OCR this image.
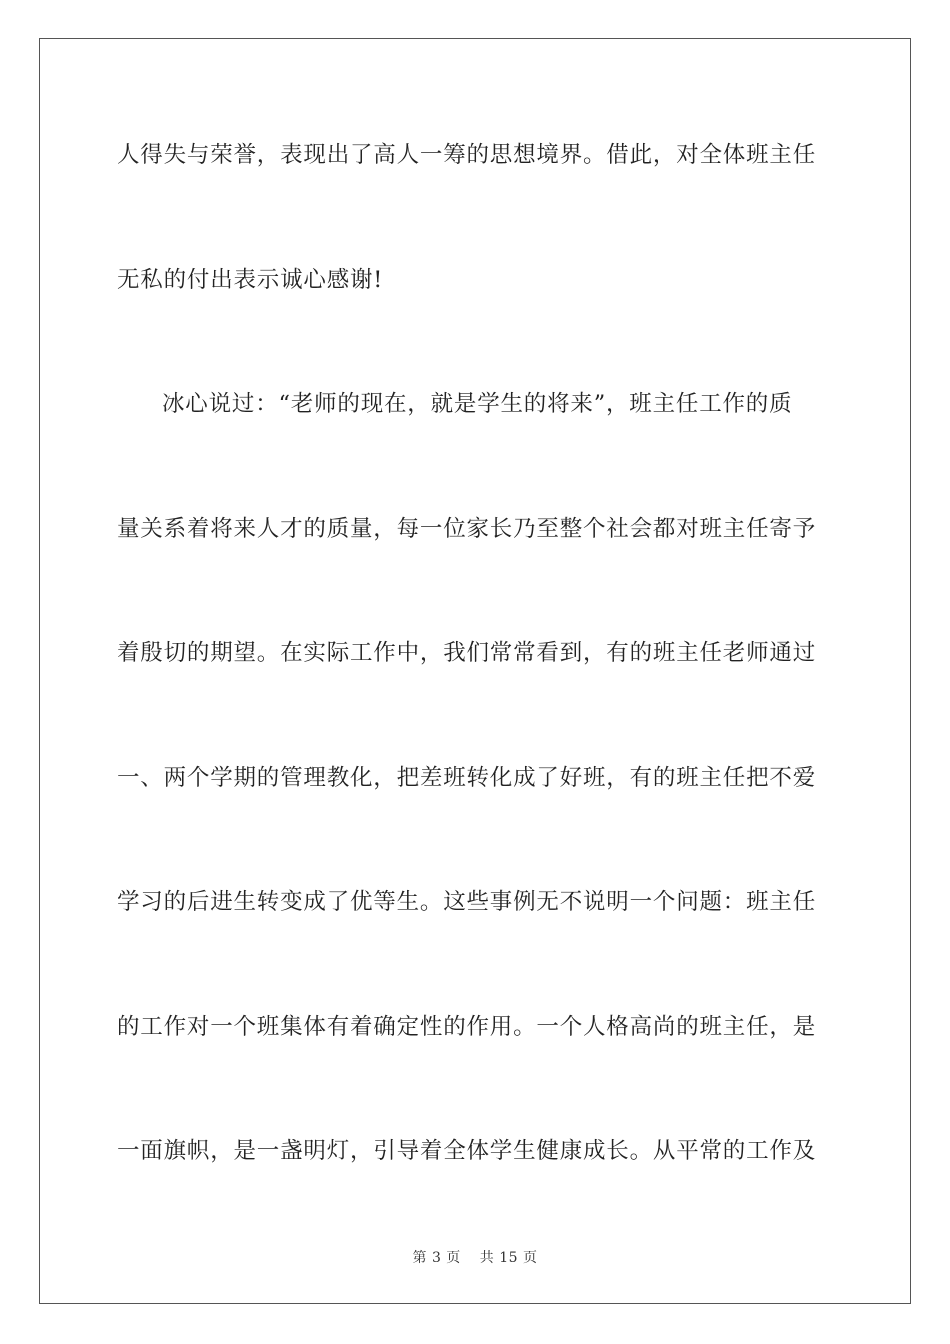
人得失与荣誉，表现出了高人一筹的思想境界。借此，对全体班主任
无私的付出表示诚心感谢!
冰心说过：“老师的现在，就是学生的将来”，班主任工作的质
量关系着将来人才的质量，每一位家长乃至整个社会都对班主任寄予
着殷切的期望。在实际工作中，我们常常看到，有的班主任老师通过
一、两个学期的管理教化，把差班转化成了好班，有的班主任把不爱
学习的后进生转变成了优等生。这些事例无不说明一个问题：班主任
的工作对一个班集体有着确定性的作用。一个人格高尚的班主任，是
一面旗帜，是一盏明灯，引导着全体学生健康成长。从平常的工作及
第 3 页 共 15 页
